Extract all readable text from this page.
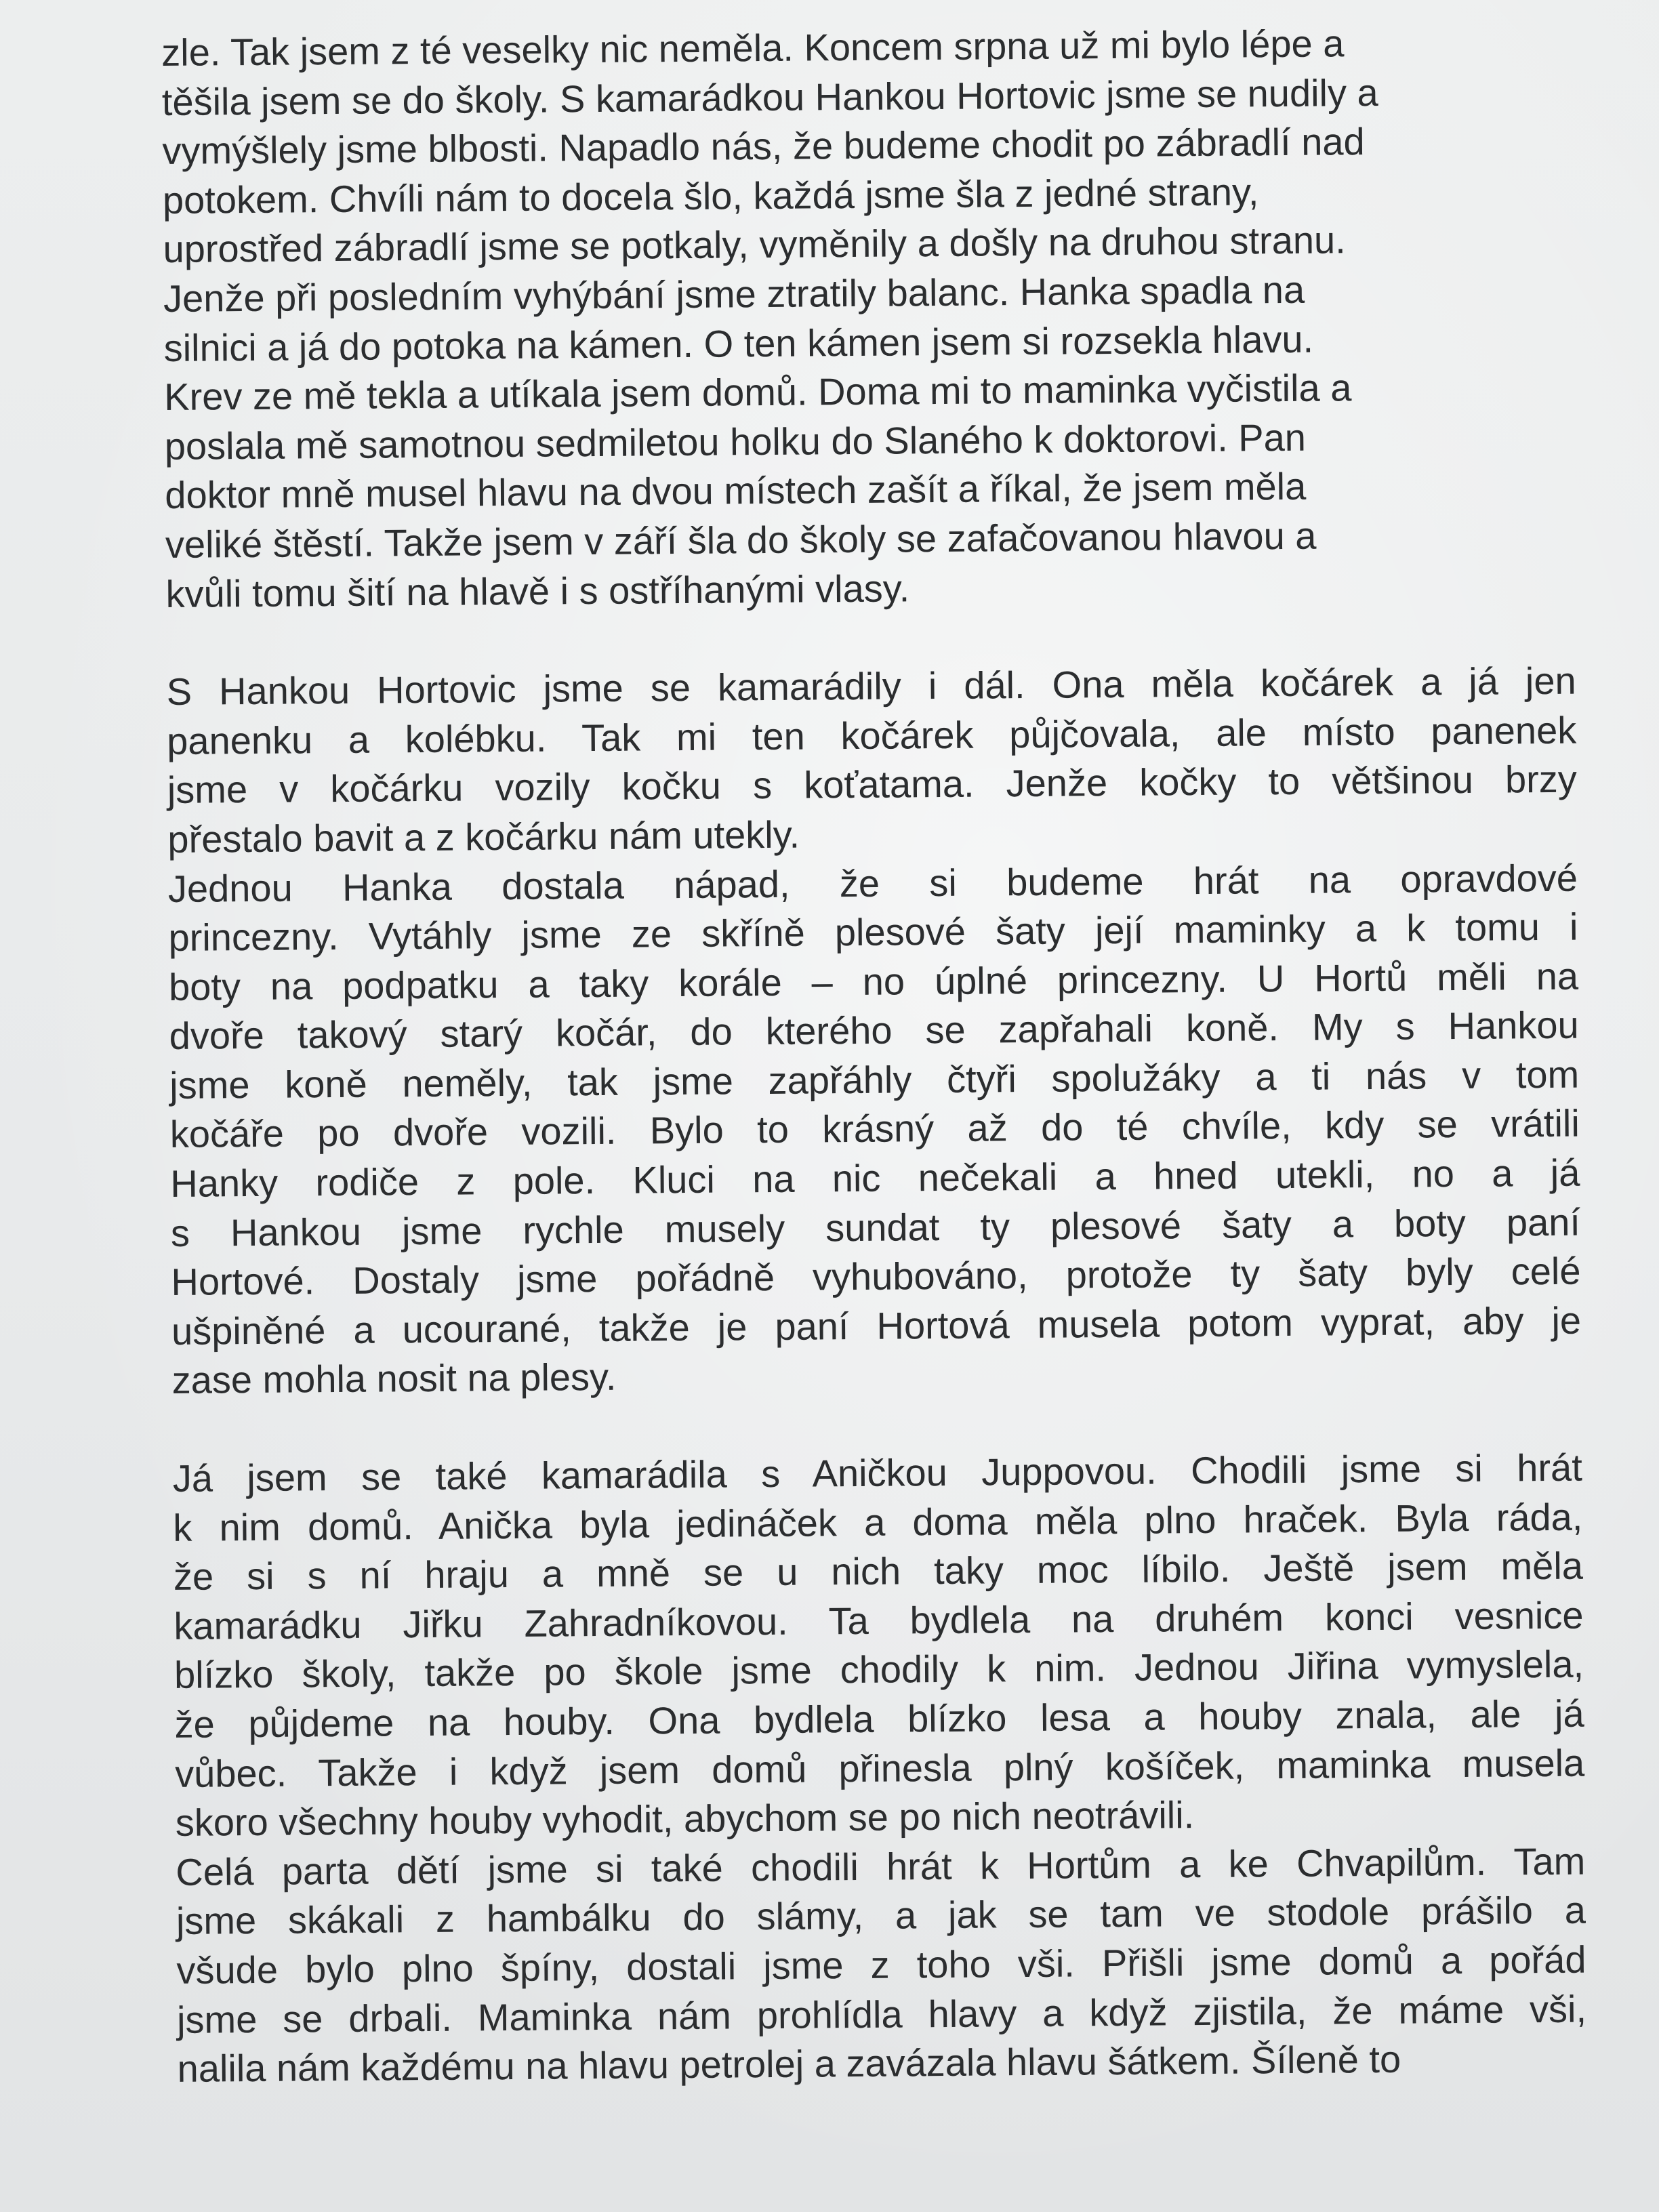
zle. Tak jsem z té veselky nic neměla. Koncem srpna už mi bylo lépe a
těšila jsem se do školy. S kamarádkou Hankou Hortovic jsme se nudily a
vymýšlely jsme blbosti. Napadlo nás, že budeme chodit po zábradlí nad
potokem. Chvíli nám to docela šlo, každá jsme šla z jedné strany,
uprostřed zábradlí jsme se potkaly, vyměnily a došly na druhou stranu.
Jenže při posledním vyhýbání jsme ztratily balanc. Hanka spadla na
silnici a já do potoka na kámen. O ten kámen jsem si rozsekla hlavu.
Krev ze mě tekla a utíkala jsem domů. Doma mi to maminka vyčistila a
poslala mě samotnou sedmiletou holku do Slaného k doktorovi. Pan
doktor mně musel hlavu na dvou místech zašít a říkal, že jsem měla
veliké štěstí. Takže jsem v září šla do školy se zafačovanou hlavou a
kvůli tomu šití na hlavě i s ostříhanými vlasy.

S Hankou Hortovic jsme se kamarádily i dál. Ona měla kočárek a já jen
panenku a kolébku. Tak mi ten kočárek půjčovala, ale místo panenek
jsme v kočárku vozily kočku s koťatama. Jenže kočky to většinou brzy
přestalo bavit a z kočárku nám utekly.
Jednou Hanka dostala nápad, že si budeme hrát na opravdové
princezny. Vytáhly jsme ze skříně plesové šaty její maminky a k tomu i
boty na podpatku a taky korále – no úplné princezny. U Hortů měli na
dvoře takový starý kočár, do kterého se zapřahali koně. My s Hankou
jsme koně neměly, tak jsme zapřáhly čtyři spolužáky a ti nás v tom
kočáře po dvoře vozili. Bylo to krásný až do té chvíle, kdy se vrátili
Hanky rodiče z pole. Kluci na nic nečekali a hned utekli, no a já
s Hankou jsme rychle musely sundat ty plesové šaty a boty paní
Hortové. Dostaly jsme pořádně vyhubováno, protože ty šaty byly celé
ušpiněné a ucourané, takže je paní Hortová musela potom vyprat, aby je
zase mohla nosit na plesy.

Já jsem se také kamarádila s Aničkou Juppovou. Chodili jsme si hrát
k nim domů. Anička byla jedináček a doma měla plno hraček. Byla ráda,
že si s ní hraju a mně se u nich taky moc líbilo. Ještě jsem měla
kamarádku Jiřku Zahradníkovou. Ta bydlela na druhém konci vesnice
blízko školy, takže po škole jsme chodily k nim. Jednou Jiřina vymyslela,
že půjdeme na houby. Ona bydlela blízko lesa a houby znala, ale já
vůbec. Takže i když jsem domů přinesla plný košíček, maminka musela
skoro všechny houby vyhodit, abychom se po nich neotrávili.
Celá parta dětí jsme si také chodili hrát k Hortům a ke Chvapilům. Tam
jsme skákali z hambálku do slámy, a jak se tam ve stodole prášilo a
všude bylo plno špíny, dostali jsme z toho vši. Přišli jsme domů a pořád
jsme se drbali. Maminka nám prohlídla hlavy a když zjistila, že máme vši,
nalila nám každému na hlavu petrolej a zavázala hlavu šátkem. Šíleně to
